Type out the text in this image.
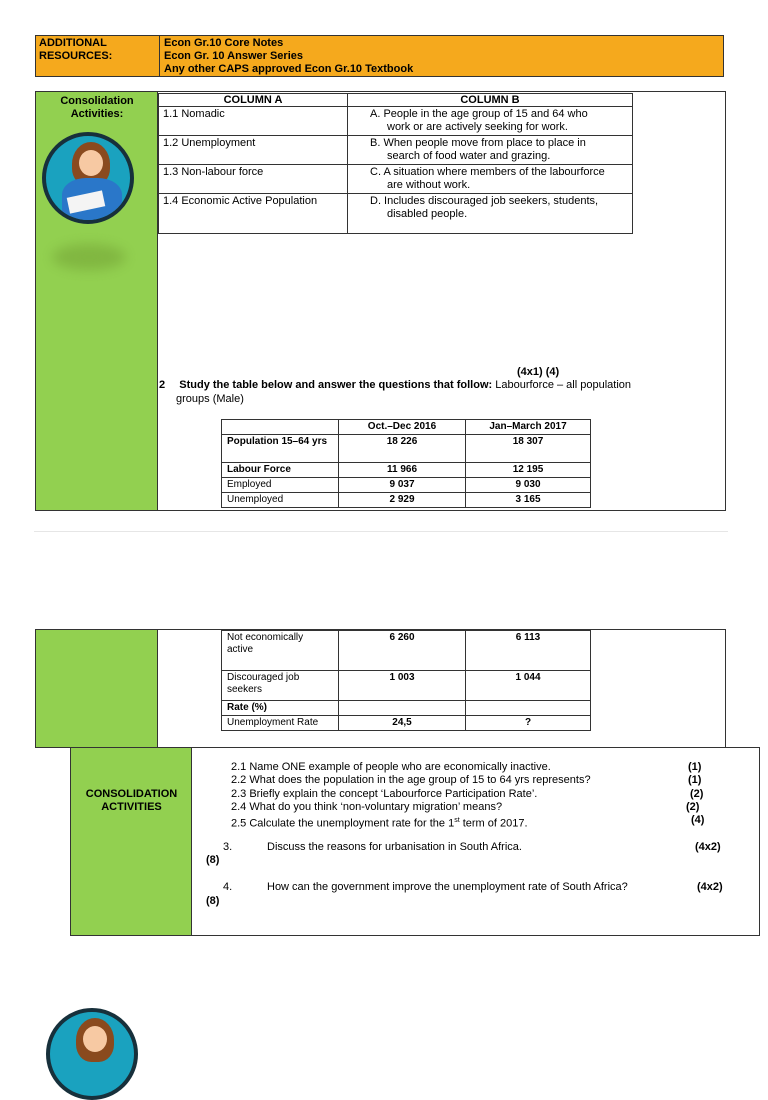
ADDITIONAL
RESOURCES:
Econ Gr.10 Core Notes
Econ Gr. 10 Answer Series
Any other CAPS approved Econ Gr.10 Textbook
Consolidation
Activities:
COLUMN A	COLUMN B
1.1 Nomadic	A. People in the age group of 15 and 64 who
work or are actively seeking for work.

1.2 Unemployment	B. When people move from place to place in
search of food water and grazing.

1.3 Non-labour force	C. A situation where members of the labourforce
are without work.

1.4 Economic Active Population	D. Includes discouraged job seekers, students,
disabled people.
(4x1) (4)
2 Study the table below and answer the questions that follow: Labourforce – all population
groups (Male)
	Oct.–Dec 2016	Jan–March 2017
Population 15–64 yrs	18 226	18 307
Labour Force	11 966	12 195
Employed	9 037	9 030
Unemployed	2 929	3 165
Not economically
active	6 260	6 113

Discouraged job
seekers	1 003	1 044
Rate (%)		
Unemployment Rate	24,5	?
CONSOLIDATION
ACTIVITIES
2.1 Name ONE example of people who are economically inactive.	(1)
2.2 What does the population in the age group of 15 to 64 yrs represents?	(1)
2.3 Briefly explain the concept ‘Labourforce Participation Rate’.	(2)
2.4 What do you think ‘non-voluntary migration’ means?	(2)
2.5 Calculate the unemployment rate for the 1st term of 2017.	(4)
3.	Discuss the reasons for urbanisation in South Africa.	(4x2)
(8)
4.	How can the government improve the unemployment rate of South Africa?	(4x2)
(8)
